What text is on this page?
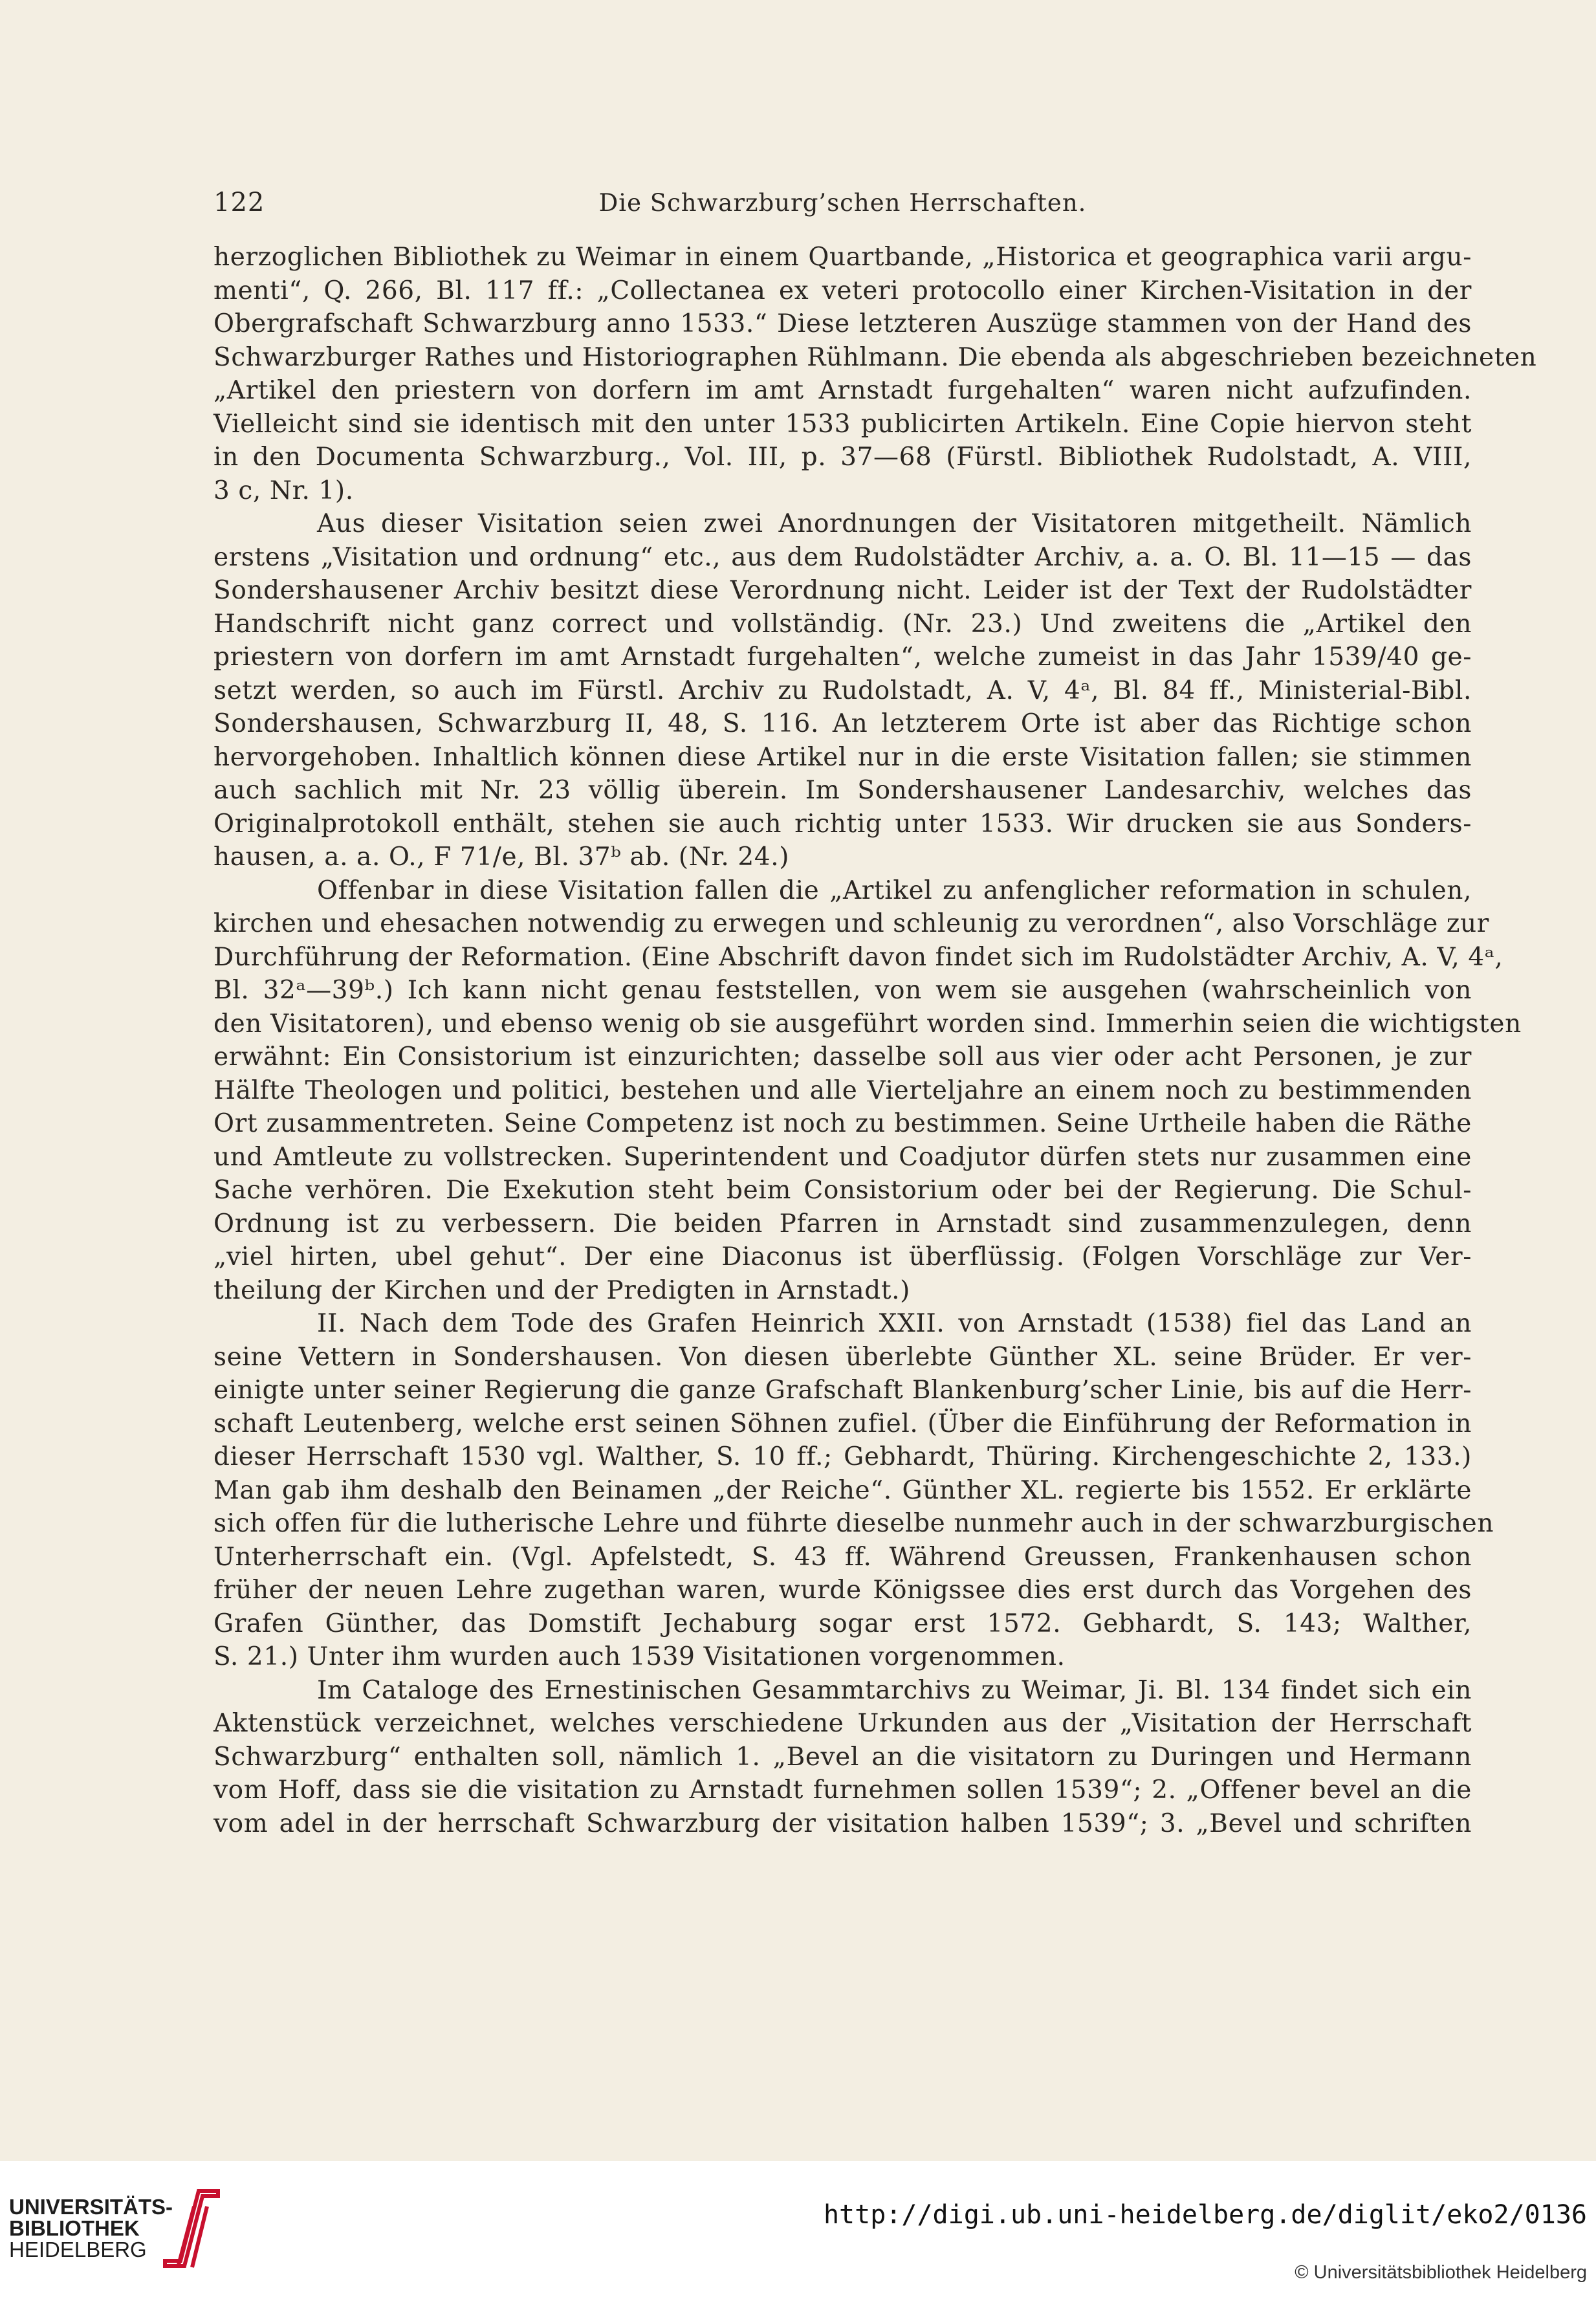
122	Die Schwarzburg’schen Herrschaften.

herzoglichen Bibliothek zu Weimar in einem Quartbande, „Historica et geographica varii argu-
menti“, Q. 266, Bl. 117 ff.: „Collectanea ex veteri protocollo einer Kirchen-Visitation in der
Obergrafschaft Schwarzburg anno 1533.“ Diese letzteren Auszüge stammen von der Hand des
Schwarzburger Rathes und Historiographen Rühlmann. Die ebenda als abgeschrieben bezeichneten
„Artikel den priestern von dorfern im amt Arnstadt furgehalten“ waren nicht aufzufinden.
Vielleicht sind sie identisch mit den unter 1533 publicirten Artikeln. Eine Copie hiervon steht
in den Documenta Schwarzburg., Vol. III, p. 37—68 (Fürstl. Bibliothek Rudolstadt, A. VIII,
3 c, Nr. 1).

Aus dieser Visitation seien zwei Anordnungen der Visitatoren mitgetheilt. Nämlich
erstens „Visitation und ordnung“ etc., aus dem Rudolstädter Archiv, a. a. O. Bl. 11—15 — das
Sondershausener Archiv besitzt diese Verordnung nicht. Leider ist der Text der Rudolstädter
Handschrift nicht ganz correct und vollständig. (Nr. 23.) Und zweitens die „Artikel den
priestern von dorfern im amt Arnstadt furgehalten“, welche zumeist in das Jahr 1539/40 ge-
setzt werden, so auch im Fürstl. Archiv zu Rudolstadt, A. V, 4ᵃ, Bl. 84 ff., Ministerial-Bibl.
Sondershausen, Schwarzburg II, 48, S. 116. An letzterem Orte ist aber das Richtige schon
hervorgehoben. Inhaltlich können diese Artikel nur in die erste Visitation fallen; sie stimmen
auch sachlich mit Nr. 23 völlig überein. Im Sondershausener Landesarchiv, welches das
Originalprotokoll enthält, stehen sie auch richtig unter 1533. Wir drucken sie aus Sonders-
hausen, a. a. O., F 71/e, Bl. 37ᵇ ab. (Nr. 24.)

Offenbar in diese Visitation fallen die „Artikel zu anfenglicher reformation in schulen,
kirchen und ehesachen notwendig zu erwegen und schleunig zu verordnen“, also Vorschläge zur
Durchführung der Reformation. (Eine Abschrift davon findet sich im Rudolstädter Archiv, A. V, 4ᵃ,
Bl. 32ᵃ—39ᵇ.) Ich kann nicht genau feststellen, von wem sie ausgehen (wahrscheinlich von
den Visitatoren), und ebenso wenig ob sie ausgeführt worden sind. Immerhin seien die wichtigsten
erwähnt: Ein Consistorium ist einzurichten; dasselbe soll aus vier oder acht Personen, je zur
Hälfte Theologen und politici, bestehen und alle Vierteljahre an einem noch zu bestimmenden
Ort zusammentreten. Seine Competenz ist noch zu bestimmen. Seine Urtheile haben die Räthe
und Amtleute zu vollstrecken. Superintendent und Coadjutor dürfen stets nur zusammen eine
Sache verhören. Die Exekution steht beim Consistorium oder bei der Regierung. Die Schul-
Ordnung ist zu verbessern. Die beiden Pfarren in Arnstadt sind zusammenzulegen, denn
„viel hirten, ubel gehut“. Der eine Diaconus ist überflüssig. (Folgen Vorschläge zur Ver-
theilung der Kirchen und der Predigten in Arnstadt.)

II. Nach dem Tode des Grafen Heinrich XXII. von Arnstadt (1538) fiel das Land an
seine Vettern in Sondershausen. Von diesen überlebte Günther XL. seine Brüder. Er ver-
einigte unter seiner Regierung die ganze Grafschaft Blankenburg’scher Linie, bis auf die Herr-
schaft Leutenberg, welche erst seinen Söhnen zufiel. (Über die Einführung der Reformation in
dieser Herrschaft 1530 vgl. Walther, S. 10 ff.; Gebhardt, Thüring. Kirchengeschichte 2, 133.)
Man gab ihm deshalb den Beinamen „der Reiche“. Günther XL. regierte bis 1552. Er erklärte
sich offen für die lutherische Lehre und führte dieselbe nunmehr auch in der schwarzburgischen
Unterherrschaft ein. (Vgl. Apfelstedt, S. 43 ff. Während Greussen, Frankenhausen schon
früher der neuen Lehre zugethan waren, wurde Königssee dies erst durch das Vorgehen des
Grafen Günther, das Domstift Jechaburg sogar erst 1572. Gebhardt, S. 143; Walther,
S. 21.) Unter ihm wurden auch 1539 Visitationen vorgenommen.

Im Cataloge des Ernestinischen Gesammtarchivs zu Weimar, Ji. Bl. 134 findet sich ein
Aktenstück verzeichnet, welches verschiedene Urkunden aus der „Visitation der Herrschaft
Schwarzburg“ enthalten soll, nämlich 1. „Bevel an die visitatorn zu Duringen und Hermann
vom Hoff, dass sie die visitation zu Arnstadt furnehmen sollen 1539“; 2. „Offener bevel an die
vom adel in der herrschaft Schwarzburg der visitation halben 1539“; 3. „Bevel und schriften

UNIVERSITÄTS-
BIBLIOTHEK
HEIDELBERG
http://digi.ub.uni-heidelberg.de/diglit/eko2/0136
© Universitätsbibliothek Heidelberg
